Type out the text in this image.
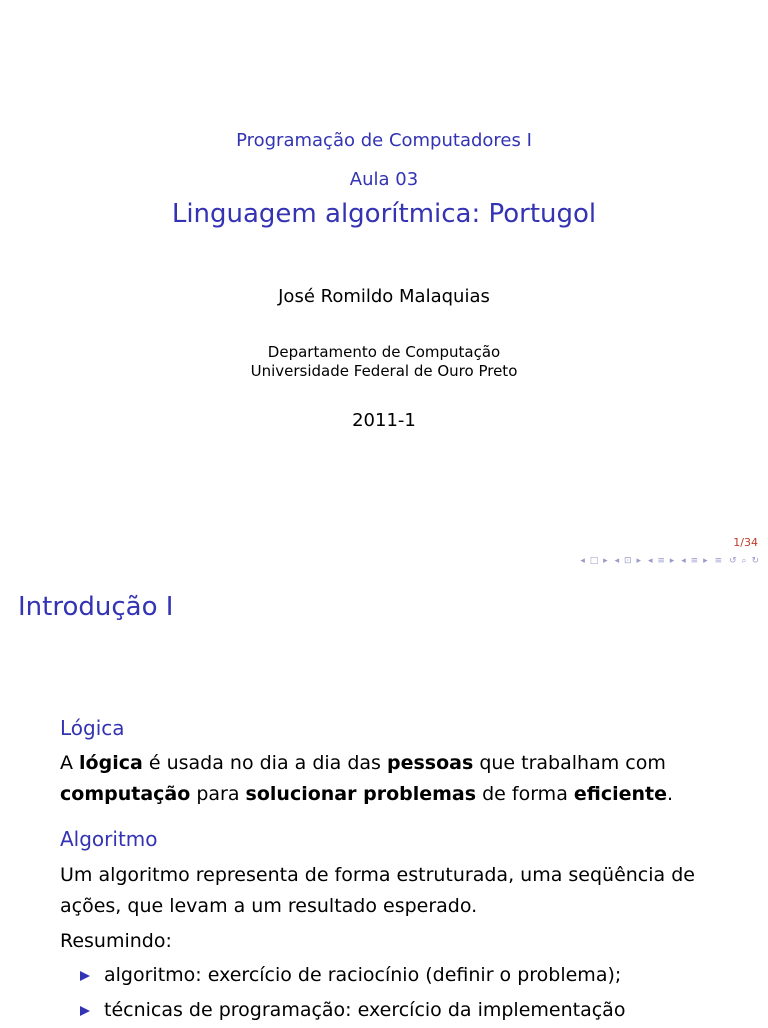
Programação de Computadores I
Aula 03
Linguagem algorítmica: Portugol
José Romildo Malaquias
Departamento de Computação
Universidade Federal de Ouro Preto
2011-1
1/34
◂ □ ▸ ◂ ⊡ ▸ ◂ ≡ ▸ ◂ ≡ ▸ ≡ ↺ ⌕ ↻
Introdução I
Lógica
A lógica é usada no dia a dia das pessoas que trabalham com
computação para solucionar problemas de forma eficiente.
Algoritmo
Um algoritmo representa de forma estruturada, uma seqüência de
ações, que levam a um resultado esperado.
Resumindo:
algoritmo: exercício de raciocínio (definir o problema);
técnicas de programação: exercício da implementação
